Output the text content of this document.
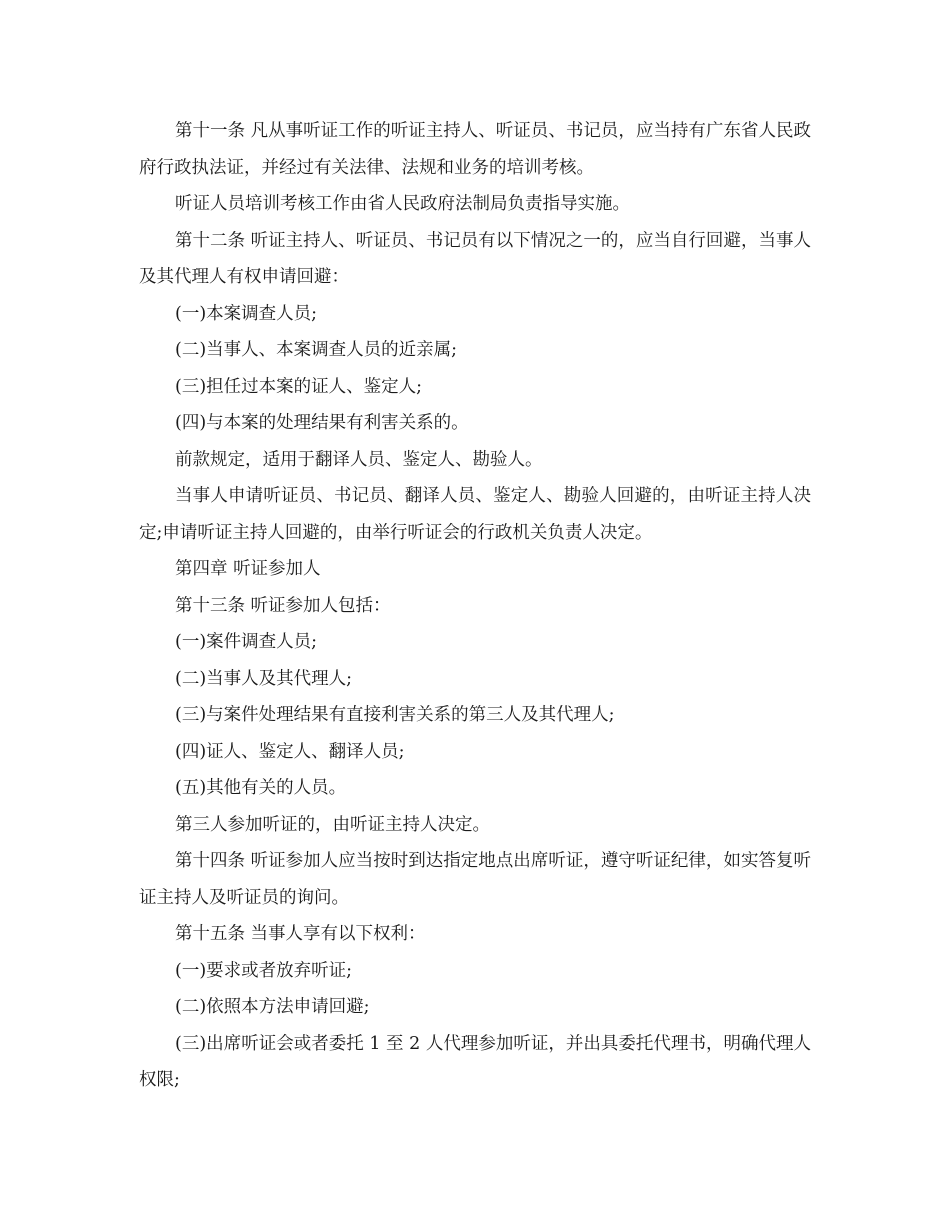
第十一条 凡从事听证工作的听证主持人、听证员、书记员，应当持有广东省人民政府行政执法证，并经过有关法律、法规和业务的培训考核。

听证人员培训考核工作由省人民政府法制局负责指导实施。

第十二条 听证主持人、听证员、书记员有以下情况之一的，应当自行回避，当事人及其代理人有权申请回避：

(一)本案调查人员;

(二)当事人、本案调查人员的近亲属;

(三)担任过本案的证人、鉴定人;

(四)与本案的处理结果有利害关系的。

前款规定，适用于翻译人员、鉴定人、勘验人。

当事人申请听证员、书记员、翻译人员、鉴定人、勘验人回避的，由听证主持人决定;申请听证主持人回避的，由举行听证会的行政机关负责人决定。

第四章 听证参加人

第十三条 听证参加人包括：

(一)案件调查人员;

(二)当事人及其代理人;

(三)与案件处理结果有直接利害关系的第三人及其代理人;

(四)证人、鉴定人、翻译人员;

(五)其他有关的人员。

第三人参加听证的，由听证主持人决定。

第十四条 听证参加人应当按时到达指定地点出席听证，遵守听证纪律，如实答复听证主持人及听证员的询问。

第十五条 当事人享有以下权利：

(一)要求或者放弃听证;

(二)依照本方法申请回避;

(三)出席听证会或者委托 1 至 2 人代理参加听证，并出具委托代理书，明确代理人权限;
